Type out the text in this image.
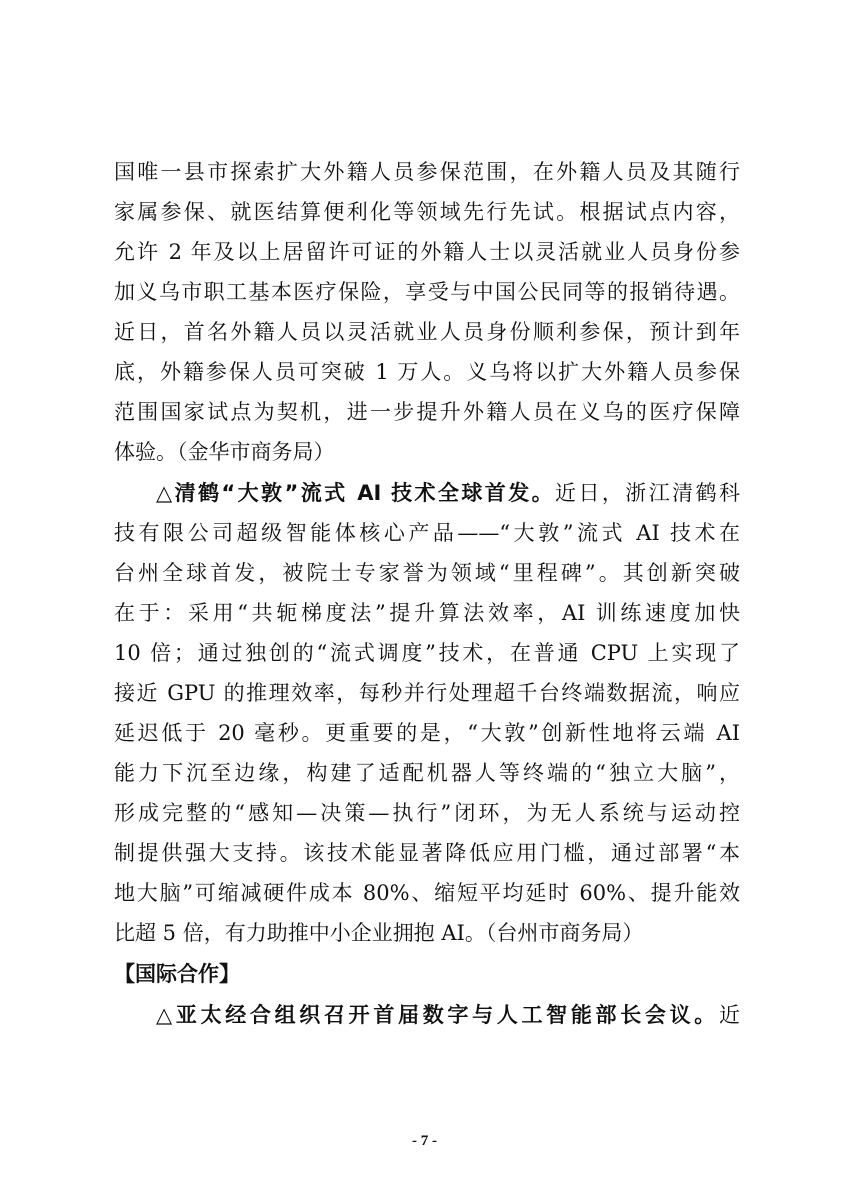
国唯一县市探索扩大外籍人员参保范围，在外籍人员及其随行
家属参保、就医结算便利化等领域先行先试。根据试点内容，
允许 2 年及以上居留许可证的外籍人士以灵活就业人员身份参
加义乌市职工基本医疗保险，享受与中国公民同等的报销待遇。
近日，首名外籍人员以灵活就业人员身份顺利参保，预计到年
底，外籍参保人员可突破 1 万人。义乌将以扩大外籍人员参保
范围国家试点为契机，进一步提升外籍人员在义乌的医疗保障
体验。（金华市商务局）
△清鹤“大敦”流式 AI 技术全球首发。近日，浙江清鹤科
技有限公司超级智能体核心产品——“大敦”流式 AI 技术在
台州全球首发，被院士专家誉为领域“里程碑”。其创新突破
在于：采用“共轭梯度法”提升算法效率，AI 训练速度加快
10 倍；通过独创的“流式调度”技术，在普通 CPU 上实现了
接近 GPU 的推理效率，每秒并行处理超千台终端数据流，响应
延迟低于 20 毫秒。更重要的是，“大敦”创新性地将云端 AI
能力下沉至边缘，构建了适配机器人等终端的“独立大脑”，
形成完整的“感知—决策—执行”闭环，为无人系统与运动控
制提供强大支持。该技术能显著降低应用门槛，通过部署“本
地大脑”可缩减硬件成本 80%、缩短平均延时 60%、提升能效
比超 5 倍，有力助推中小企业拥抱 AI。（台州市商务局）
【国际合作】
△亚太经合组织召开首届数字与人工智能部长会议。近
- 7 -
